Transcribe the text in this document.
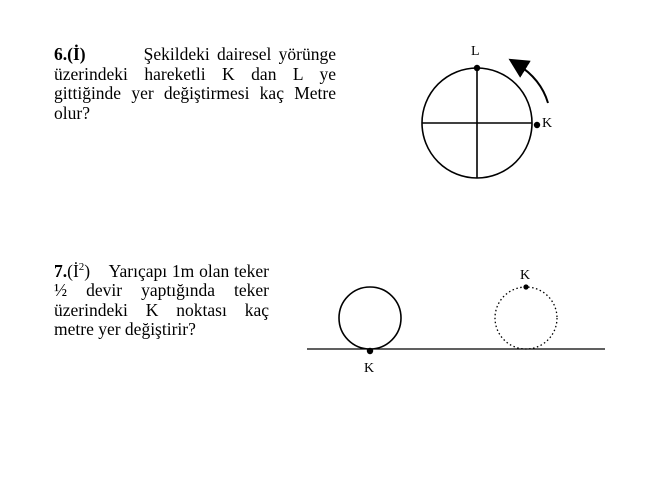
6.(İ)	Şekildeki dairesel yörünge üzerindeki hareketli K dan L ye gittiğinde yer değiştirmesi kaç Metre olur?
L
K
$7.(İ^2)$ Yarıçapı 1m olan teker ½ devir yaptığında teker üzerindeki K noktası kaç metre yer değiştirir?
K
K
